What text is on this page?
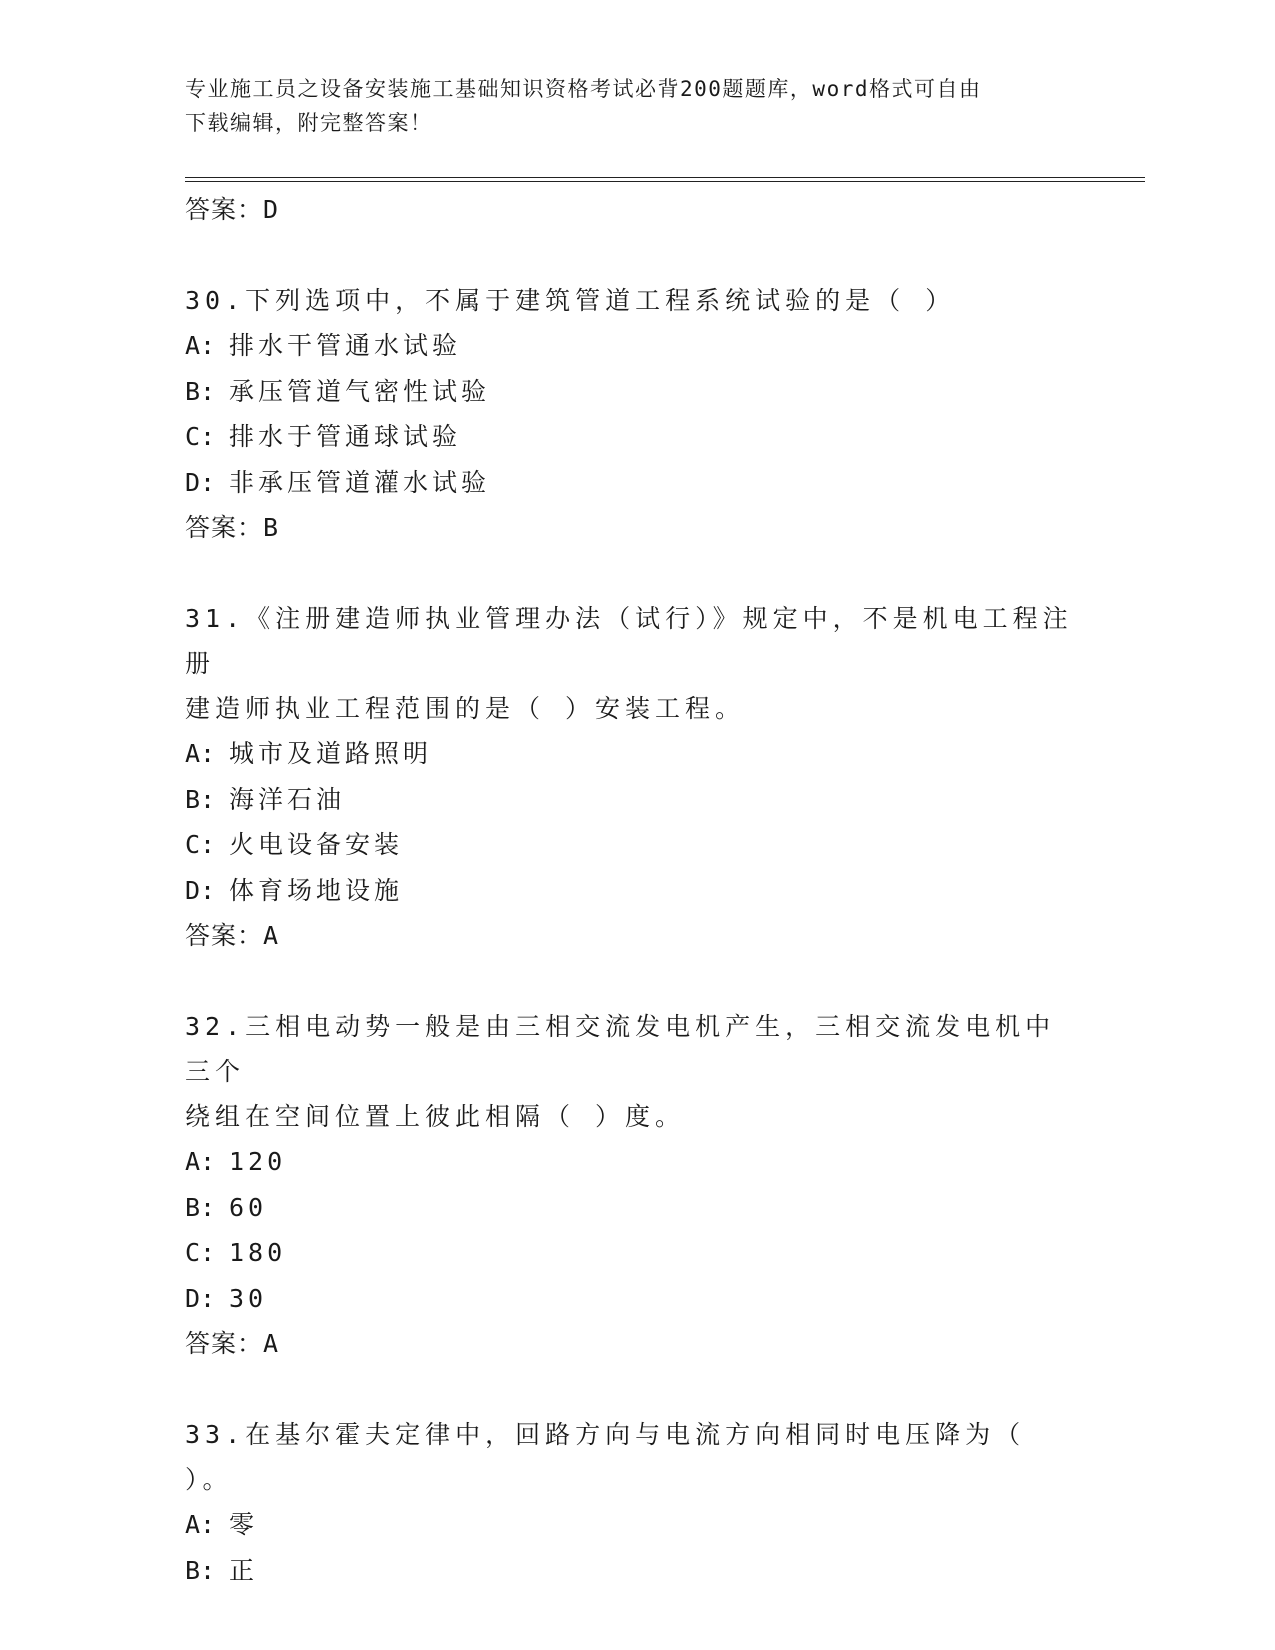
专业施工员之设备安装施工基础知识资格考试必背200题题库，word格式可自由
下载编辑，附完整答案！
答案：D
30.下列选项中，不属于建筑管道工程系统试验的是（ ）
A: 排水干管通水试验
B: 承压管道气密性试验
C: 排水于管通球试验
D: 非承压管道灌水试验
答案：B
31.《注册建造师执业管理办法（试行）》规定中，不是机电工程注册
建造师执业工程范围的是（ ）安装工程。
A: 城市及道路照明
B: 海洋石油
C: 火电设备安装
D: 体育场地设施
答案：A
32.三相电动势一般是由三相交流发电机产生，三相交流发电机中三个
绕组在空间位置上彼此相隔（ ）度。
A: 120
B: 60
C: 180
D: 30
答案：A
33.在基尔霍夫定律中，回路方向与电流方向相同时电压降为（ ）。
A: 零
B: 正
